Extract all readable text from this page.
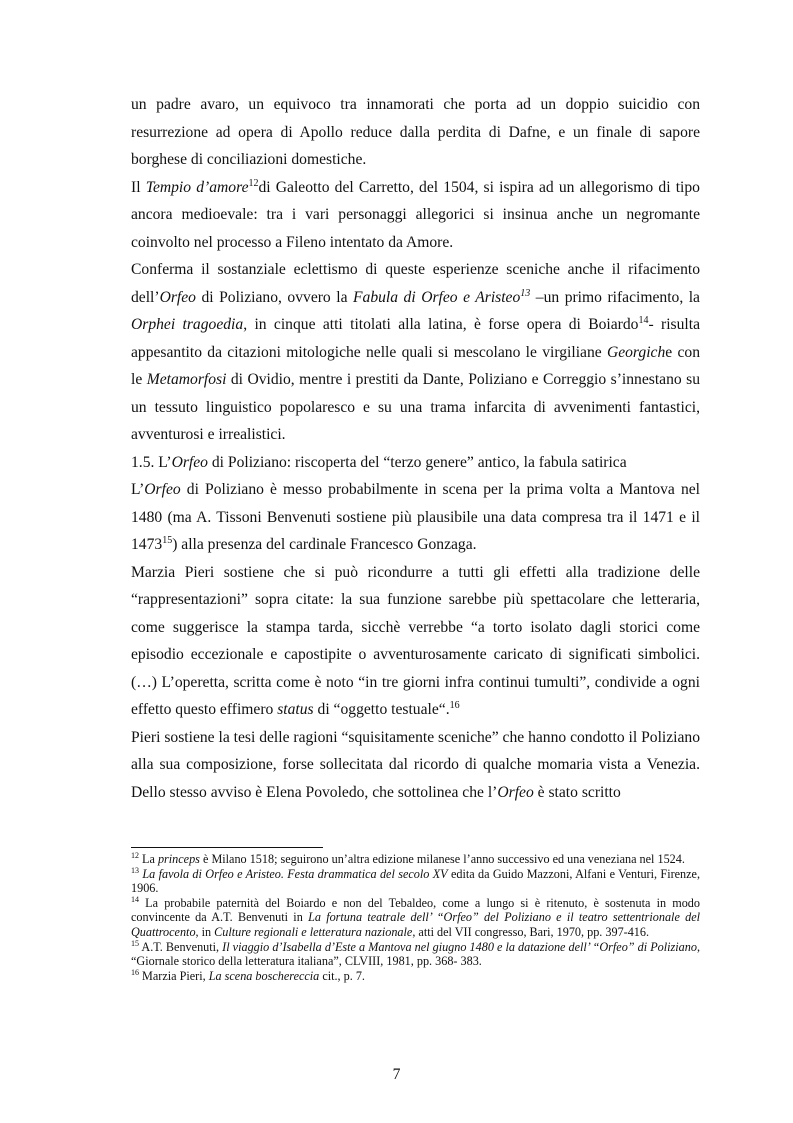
un padre avaro, un equivoco tra innamorati che porta ad un doppio suicidio con resurrezione ad opera di Apollo reduce dalla perdita di Dafne, e un finale di sapore borghese di conciliazioni domestiche.

Il Tempio d’amore$^{12}$di Galeotto del Carretto, del 1504, si ispira ad un allegorismo di tipo ancora medioevale: tra i vari personaggi allegorici si insinua anche un negromante coinvolto nel processo a Fileno intentato da Amore.

Conferma il sostanziale eclettismo di queste esperienze sceniche anche il rifacimento dell’Orfeo di Poliziano, ovvero la Fabula di Orfeo e Aristeo$^{13}$ –un primo rifacimento, la Orphei tragoedia, in cinque atti titolati alla latina, è forse opera di Boiardo$^{14}$- risulta appesantito da citazioni mitologiche nelle quali si mescolano le virgiliane Georgiche con le Metamorfosi di Ovidio, mentre i prestiti da Dante, Poliziano e Correggio s’innestano su un tessuto linguistico popolaresco e su una trama infarcita di avvenimenti fantastici, avventurosi e irrealistici.

1.5. L’Orfeo di Poliziano: riscoperta del “terzo genere” antico, la fabula satirica

L’Orfeo di Poliziano è messo probabilmente in scena per la prima volta a Mantova nel 1480 (ma A. Tissoni Benvenuti sostiene più plausibile una data compresa tra il 1471 e il 1473$^{15}$) alla presenza del cardinale Francesco Gonzaga.

Marzia Pieri sostiene che si può ricondurre a tutti gli effetti alla tradizione delle “rappresentazioni” sopra citate: la sua funzione sarebbe più spettacolare che letteraria, come suggerisce la stampa tarda, sicchè verrebbe “a torto isolato dagli storici come episodio eccezionale e capostipite o avventurosamente caricato di significati simbolici. (…) L’operetta, scritta come è noto “in tre giorni infra continui tumulti”, condivide a ogni effetto questo effimero status di “oggetto testuale“.$^{16}$

Pieri sostiene la tesi delle ragioni “squisitamente sceniche” che hanno condotto il Poliziano alla sua composizione, forse sollecitata dal ricordo di qualche momaria vista a Venezia. Dello stesso avviso è Elena Povoledo, che sottolinea che l’Orfeo è stato scritto

$^{12}$ La princeps è Milano 1518; seguirono un’altra edizione milanese l’anno successivo ed una veneziana nel 1524.

$^{13}$ La favola di Orfeo e Aristeo. Festa drammatica del secolo XV edita da Guido Mazzoni, Alfani e Venturi, Firenze, 1906.

$^{14}$ La probabile paternità del Boiardo e non del Tebaldeo, come a lungo si è ritenuto, è sostenuta in modo convincente da A.T. Benvenuti in La fortuna teatrale dell’ “Orfeo” del Poliziano e il teatro settentrionale del Quattrocento, in Culture regionali e letteratura nazionale, atti del VII congresso, Bari, 1970, pp. 397-416.

$^{15}$ A.T. Benvenuti, Il viaggio d’Isabella d’Este a Mantova nel giugno 1480 e la datazione dell’ “Orfeo” di Poliziano, “Giornale storico della letteratura italiana”, CLVIII, 1981, pp. 368- 383.

$^{16}$ Marzia Pieri, La scena boschereccia cit., p. 7.

7
